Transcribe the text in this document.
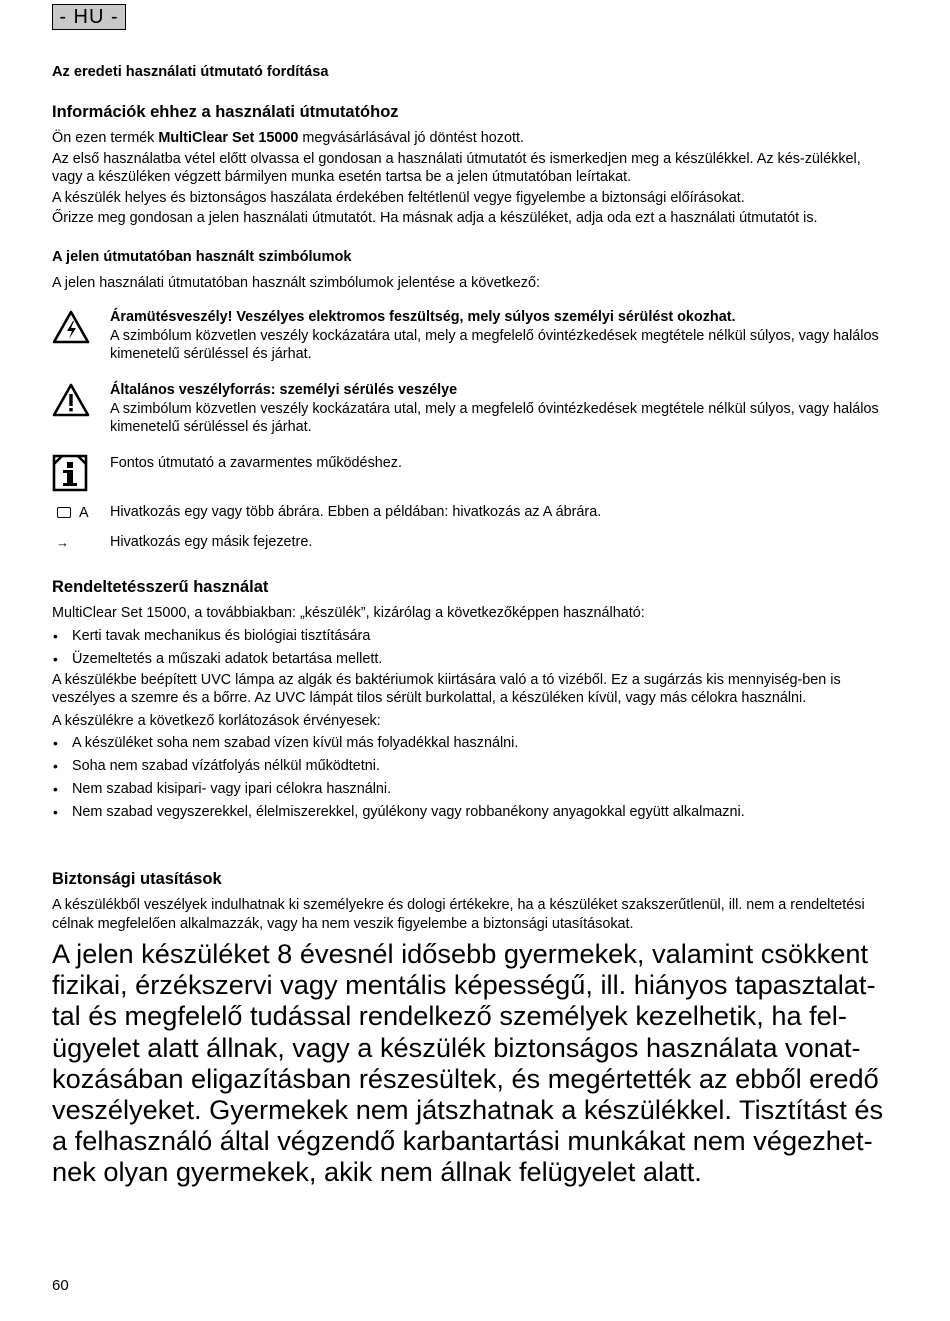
- HU -
Az eredeti használati útmutató fordítása
Információk ehhez a használati útmutatóhoz

Ön ezen termék MultiClear Set 15000 megvásárlásával jó döntést hozott.

Az első használatba vétel előtt olvassa el gondosan a használati útmutatót és ismerkedjen meg a készülékkel. Az kés-zülékkel, vagy a készüléken végzett bármilyen munka esetén tartsa be a jelen útmutatóban leírtakat.

A készülék helyes és biztonságos haszálata érdekében feltétlenül vegye figyelembe a biztonsági előírásokat.

Őrizze meg gondosan a jelen használati útmutatót. Ha másnak adja a készüléket, adja oda ezt a használati útmutatót is.

A jelen útmutatóban használt szimbólumok

A jelen használati útmutatóban használt szimbólumok jelentése a következő:

Áramütésveszély! Veszélyes elektromos feszültség, mely súlyos személyi sérülést okozhat.

A szimbólum közvetlen veszély kockázatára utal, mely a megfelelő óvintézkedések megtétele nélkül súlyos, vagy halálos kimenetelű sérüléssel és járhat.

Általános veszélyforrás: személyi sérülés veszélye

A szimbólum közvetlen veszély kockázatára utal, mely a megfelelő óvintézkedések megtétele nélkül súlyos, vagy halálos kimenetelű sérüléssel és járhat.

Fontos útmutató a zavarmentes működéshez.

A Hivatkozás egy vagy több ábrára. Ebben a példában: hivatkozás az A ábrára.

→	Hivatkozás egy másik fejezetre.

Rendeltetésszerű használat

MultiClear Set 15000, a továbbiakban: „készülék”, kizárólag a következőképpen használható:

• Kerti tavak mechanikus és biológiai tisztítására
• Üzemeltetés a műszaki adatok betartása mellett.

A készülékbe beépített UVC lámpa az algák és baktériumok kiirtására való a tó vizéből. Ez a sugárzás kis mennyiség-ben is veszélyes a szemre és a bőrre. Az UVC lámpát tilos sérült burkolattal, a készüléken kívül, vagy más célokra használni.

A készülékre a következő korlátozások érvényesek:

• A készüléket soha nem szabad vízen kívül más folyadékkal használni.
• Soha nem szabad vízátfolyás nélkül működtetni.
• Nem szabad kisipari- vagy ipari célokra használni.
• Nem szabad vegyszerekkel, élelmiszerekkel, gyúlékony vagy robbanékony anyagokkal együtt alkalmazni.
Biztonsági utasítások

A készülékből veszélyek indulhatnak ki személyekre és dologi értékekre, ha a készüléket szakszerűtlenül, ill. nem a rendeltetési célnak megfelelően alkalmazzák, vagy ha nem veszik figyelembe a biztonsági utasításokat.

A jelen készüléket 8 évesnél idősebb gyermekek, valamint csökkent
fizikai, érzékszervi vagy mentális képességű, ill. hiányos tapasztalat-
tal és megfelelő tudással rendelkező személyek kezelhetik, ha fel-
ügyelet alatt állnak, vagy a készülék biztonságos használata vonat-
kozásában eligazításban részesültek, és megértették az ebből eredő
veszélyeket. Gyermekek nem játszhatnak a készülékkel. Tisztítást és
a felhasználó által végzendő karbantartási munkákat nem végezhet-
nek olyan gyermekek, akik nem állnak felügyelet alatt.
60
